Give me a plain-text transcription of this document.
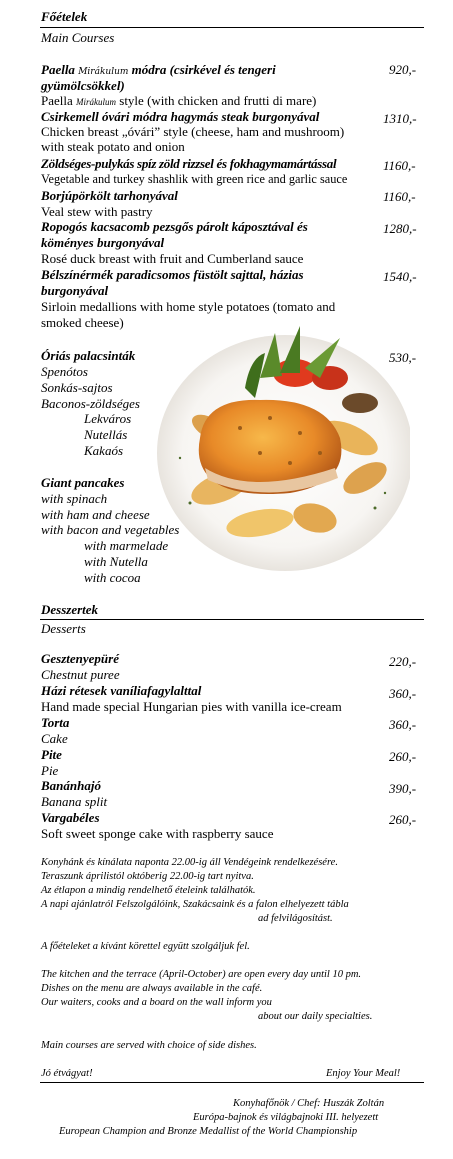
Főételek
Main Courses
Paella Mirákulum módra (csirkével és tengeri
gyümölcsökkel)
Paella Mirákulum style (with chicken and frutti di mare)
920,-
Csirkemell óvári módra hagymás steak burgonyával
Chicken breast „óvári” style (cheese, ham and mushroom)
with steak potato and onion
1310,-
Zöldséges-pulykás spíz zöld rizzsel és fokhagymamártással
Vegetable and turkey shashlik with green rice and garlic sauce
1160,-
Borjúpörkölt tarhonyával
Veal stew with pastry
1160,-
Ropogós kacsacomb pezsgős párolt káposztával és
köményes burgonyával
Rosé duck breast with fruit and Cumberland sauce
1280,-
Bélszínérmék paradicsomos füstölt sajttal, házias
burgonyával
Sirloin medallions with home style potatoes (tomato and
smoked cheese)
1540,-
Óriás palacsinták	530,-
Spenótos
Sonkás-sajtos
Baconos-zöldséges
Lekváros
Nutellás
Kakaós
Giant pancakes
with spinach
with ham and cheese
with bacon and vegetables
with marmelade
with Nutella
with cocoa
Desszertek
Desserts
Gesztenyepüré
Chestnut puree
220,-
Házi rétesek vaníliafagylalttal
Hand made special Hungarian pies with vanilla ice-cream
360,-
Torta
Cake
360,-
Pite
Pie
260,-
Banánhajó
Banana split
390,-
Vargabéles
Soft sweet sponge cake with raspberry sauce
260,-
Konyhánk és kínálata naponta 22.00-ig áll Vendégeink rendelkezésére.
Teraszunk áprilistól októberig 22.00-ig tart nyitva.
Az étlapon a mindig rendelhető ételeink találhatók.
A napi ajánlatról Felszolgálóink, Szakácsaink és a falon elhelyezett tábla
ad felvilágosítást.
A főételeket a kívánt körettel együtt szolgáljuk fel.
The kitchen and the terrace (April-October) are open every day until 10 pm.
Dishes on the menu are always available in the café.
Our waiters, cooks and a board on the wall inform you
about our daily specialties.
Main courses are served with choice of side dishes.
Jó étvágyat!	Enjoy Your Meal!
Konyhafőnök / Chef: Huszák Zoltán
Európa-bajnok és világbajnoki III. helyezett
European Champion and Bronze Medallist of the World Championship
